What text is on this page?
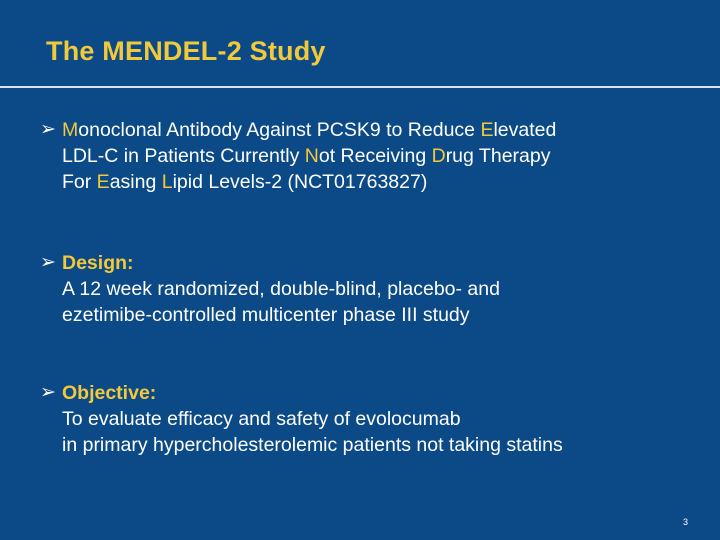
The MENDEL-2 Study
➢ Monoclonal Antibody Against PCSK9 to Reduce Elevated
LDL-C in Patients Currently Not Receiving Drug Therapy
For Easing Lipid Levels-2 (NCT01763827)
➢ Design:
A 12 week randomized, double-blind, placebo- and
ezetimibe-controlled multicenter phase III study
➢ Objective:
To evaluate efficacy and safety of evolocumab
in primary hypercholesterolemic patients not taking statins
3
